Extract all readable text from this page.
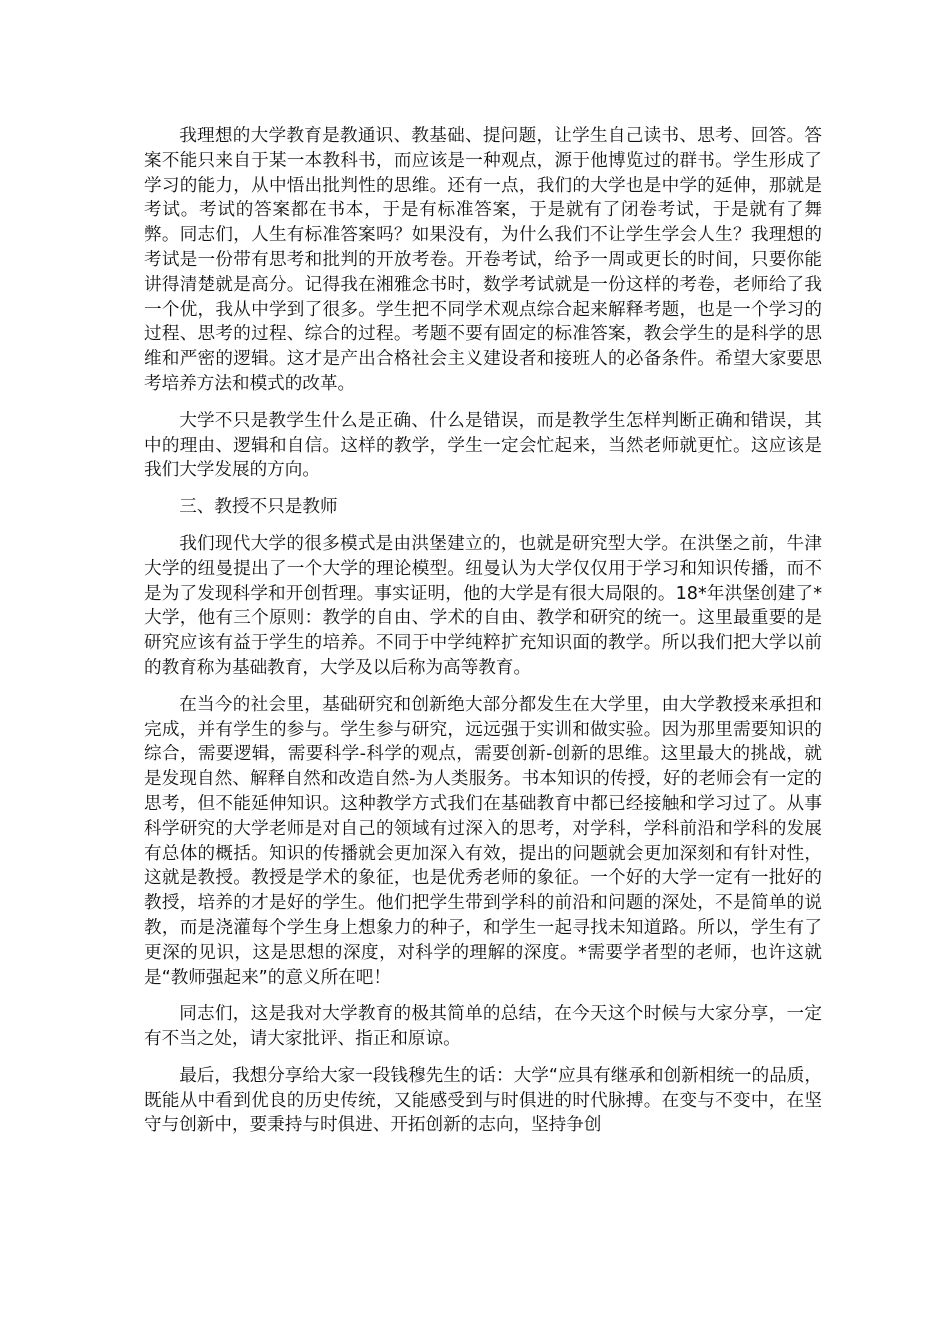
我理想的大学教育是教通识、教基础、提问题，让学生自己读书、思考、回答。答案不能只来自于某一本教科书，而应该是一种观点，源于他博览过的群书。学生形成了学习的能力，从中悟出批判性的思维。还有一点，我们的大学也是中学的延伸，那就是考试。考试的答案都在书本，于是有标准答案，于是就有了闭卷考试，于是就有了舞弊。同志们，人生有标准答案吗？如果没有，为什么我们不让学生学会人生？我理想的考试是一份带有思考和批判的开放考卷。开卷考试，给予一周或更长的时间，只要你能讲得清楚就是高分。记得我在湘雅念书时，数学考试就是一份这样的考卷，老师给了我一个优，我从中学到了很多。学生把不同学术观点综合起来解释考题，也是一个学习的过程、思考的过程、综合的过程。考题不要有固定的标准答案，教会学生的是科学的思维和严密的逻辑。这才是产出合格社会主义建设者和接班人的必备条件。希望大家要思考培养方法和模式的改革。

大学不只是教学生什么是正确、什么是错误，而是教学生怎样判断正确和错误，其中的理由、逻辑和自信。这样的教学，学生一定会忙起来，当然老师就更忙。这应该是我们大学发展的方向。

三、教授不只是教师

我们现代大学的很多模式是由洪堡建立的，也就是研究型大学。在洪堡之前，牛津大学的纽曼提出了一个大学的理论模型。纽曼认为大学仅仅用于学习和知识传播，而不是为了发现科学和开创哲理。事实证明，他的大学是有很大局限的。18*年洪堡创建了*大学，他有三个原则：教学的自由、学术的自由、教学和研究的统一。这里最重要的是研究应该有益于学生的培养。不同于中学纯粹扩充知识面的教学。所以我们把大学以前的教育称为基础教育，大学及以后称为高等教育。

在当今的社会里，基础研究和创新绝大部分都发生在大学里，由大学教授来承担和完成，并有学生的参与。学生参与研究，远远强于实训和做实验。因为那里需要知识的综合，需要逻辑，需要科学-科学的观点，需要创新-创新的思维。这里最大的挑战，就是发现自然、解释自然和改造自然-为人类服务。书本知识的传授，好的老师会有一定的思考，但不能延伸知识。这种教学方式我们在基础教育中都已经接触和学习过了。从事科学研究的大学老师是对自己的领域有过深入的思考，对学科，学科前沿和学科的发展有总体的概括。知识的传播就会更加深入有效，提出的问题就会更加深刻和有针对性，这就是教授。教授是学术的象征，也是优秀老师的象征。一个好的大学一定有一批好的教授，培养的才是好的学生。他们把学生带到学科的前沿和问题的深处，不是简单的说教，而是浇灌每个学生身上想象力的种子，和学生一起寻找未知道路。所以，学生有了更深的见识，这是思想的深度，对科学的理解的深度。*需要学者型的老师，也许这就是“教师强起来”的意义所在吧！

同志们，这是我对大学教育的极其简单的总结，在今天这个时候与大家分享，一定有不当之处，请大家批评、指正和原谅。

最后，我想分享给大家一段钱穆先生的话：大学“应具有继承和创新相统一的品质，既能从中看到优良的历史传统，又能感受到与时俱进的时代脉搏。在变与不变中，在坚守与创新中，要秉持与时俱进、开拓创新的志向，坚持争创
